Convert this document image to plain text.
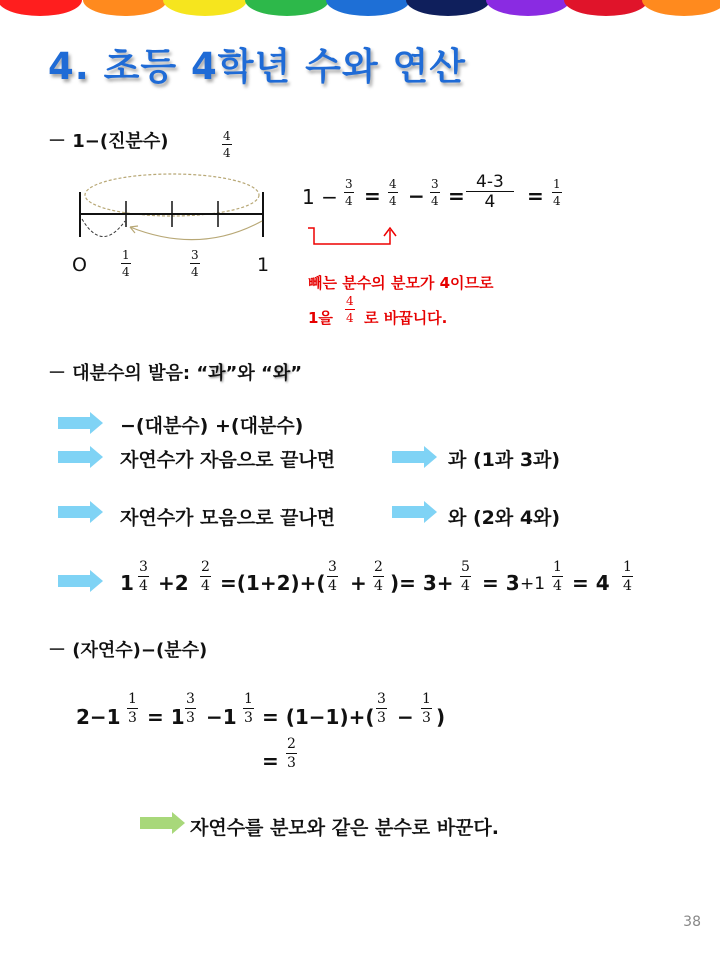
4. 초등 4학년 수와 연산
－ 1−(진분수)	4
4
O	1
1
4
3
4
1 −
3
4 = 4
4 − 3
4 =
4-3
4 = 1
4
빼는 분수의 분모가 4이므로
1을
4
4 로 바꿉니다.
－ 대분수의 발음: “과”와 “와”
−(대분수) +(대분수)
자연수가 자음으로 끝나면	과 (1과 3과)
자연수가 모음으로 끝나면	와 (2와 4와)
1
3
4 +2
2
4 =(1+2)+(
3
4 +
2
4 )= 3+
5
4 = 3 +1
1
4 = 4
1
4
－ (자연수)−(분수)
2−1
1
3 = 1
3
3 −1
1
3 = (1−1)+(
3
3 −
1
3 )
=
2
3
자연수를 분모와 같은 분수로 바꾼다.
38
